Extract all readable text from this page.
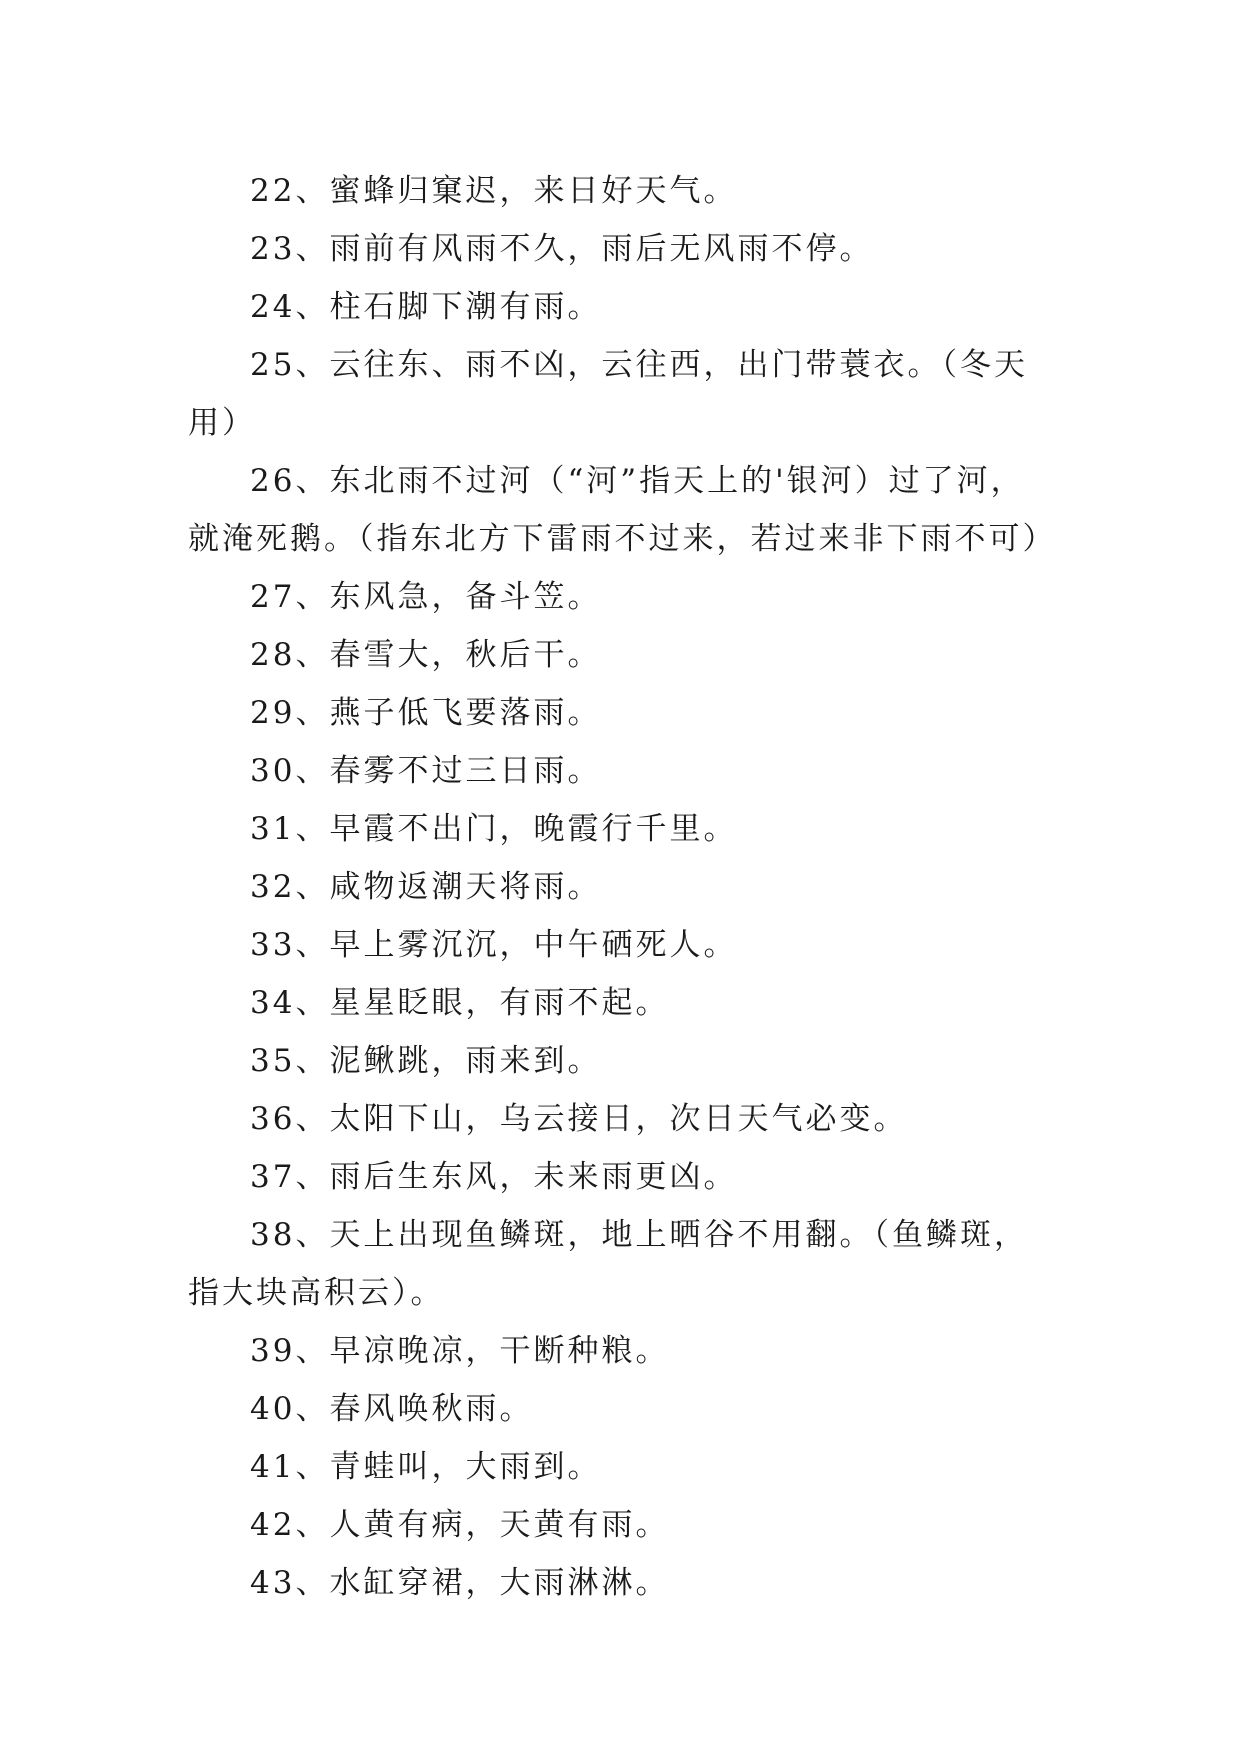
22、蜜蜂归窠迟，来日好天气。

23、雨前有风雨不久，雨后无风雨不停。

24、柱石脚下潮有雨。

25、云往东、雨不凶，云往西，出门带蓑衣。（冬天用）

26、东北雨不过河（“河”指天上的'银河）过了河，就淹死鹅。（指东北方下雷雨不过来，若过来非下雨不可）

27、东风急，备斗笠。

28、春雪大，秋后干。

29、燕子低飞要落雨。

30、春雾不过三日雨。

31、早霞不出门，晚霞行千里。

32、咸物返潮天将雨。

33、早上雾沉沉，中午硒死人。

34、星星眨眼，有雨不起。

35、泥鳅跳，雨来到。

36、太阳下山，乌云接日，次日天气必变。

37、雨后生东风，未来雨更凶。

38、天上出现鱼鳞斑，地上晒谷不用翻。（鱼鳞斑，指大块高积云）。

39、早凉晚凉，干断种粮。

40、春风唤秋雨。

41、青蛙叫，大雨到。

42、人黄有病，天黄有雨。

43、水缸穿裙，大雨淋淋。
